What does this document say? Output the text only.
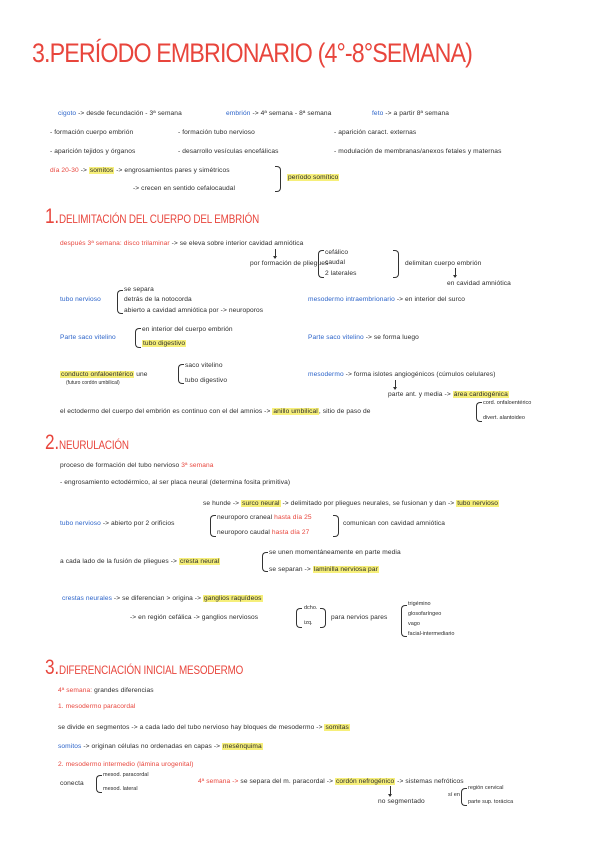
3.PERÍODO EMBRIONARIO (4°-8°SEMANA)
cigoto -> desde fecundación - 3ª semana	embrión -> 4ª semana - 8ª semana	feto -> a partir 8ª semana
- formación cuerpo embrión	- formación tubo nervioso	- aparición caract. externas
- aparición tejidos y órganos	- desarrollo vesículas encefálicas	- modulación de membranas/anexos fetales y maternas
día 20-30 -> somitos -> engrosamientos pares y simétricos
-> crecen en sentido cefalocaudal
período somítico
1.DELIMITACIÓN DEL CUERPO DEL EMBRIÓN
después 3ª semana: disco trilaminar -> se eleva sobre interior cavidad amniótica
por formación de pliegues
cefálico
caudal
2 laterales
delimitan cuerpo embrión
en cavidad amniótica
tubo nervioso
se separa
detrás de la notocorda
abierto a cavidad amniótica por -> neuroporos
mesodermo intraembrionario -> en interior del surco
Parte saco vitelino
en interior del cuerpo embrión
tubo digestivo
Parte saco vitelino -> se forma luego
conducto onfaloentérico une
(futuro cordón umbilical)
saco vitelino
tubo digestivo
mesodermo -> forma islotes angiogénicos (cúmulos celulares)
parte ant. y media -> área cardiogénica
el ectodermo del cuerpo del embrión es continuo con el del amnios -> anillo umbilical, sitio de paso de
cord. onfaloentérico
divert. alantoideo
2.NEURULACIÓN
proceso de formación del tubo nervioso 3ª semana
- engrosamiento ectodérmico, al ser placa neural (determina fosita primitiva)
se hunde -> surco neural -> delimitado por pliegues neurales, se fusionan y dan -> tubo nervioso
tubo nervioso -> abierto por 2 orificios
neuroporo craneal hasta día 25
neuroporo caudal hasta día 27
comunican con cavidad amniótica
a cada lado de la fusión de pliegues -> cresta neural
se unen momentáneamente en parte media
se separan -> laminilla nerviosa par
crestas neurales -> se diferencian > origina -> ganglios raquídeos
-> en región cefálica -> ganglios nerviosos
dcho.
izq.
para nervios pares
trigémino
glosofaríngeo
vago
facial-intermediario
3.DIFERENCIACIÓN INICIAL MESODERMO
4ª semana: grandes diferencias
1. mesodermo paracordal
se divide en segmentos -> a cada lado del tubo nervioso hay bloques de mesodermo -> somitas
somitos -> originan células no ordenadas en capas -> mesénquima
2. mesodermo intermedio (lámina urogenital)
conecta
mesod. paracordal
mesod. lateral
4ª semana -> se separa del m. paracordal -> cordón nefrogénico -> sistemas nefróticos
no segmentado
sí en
región cervical
parte sup. torácica
